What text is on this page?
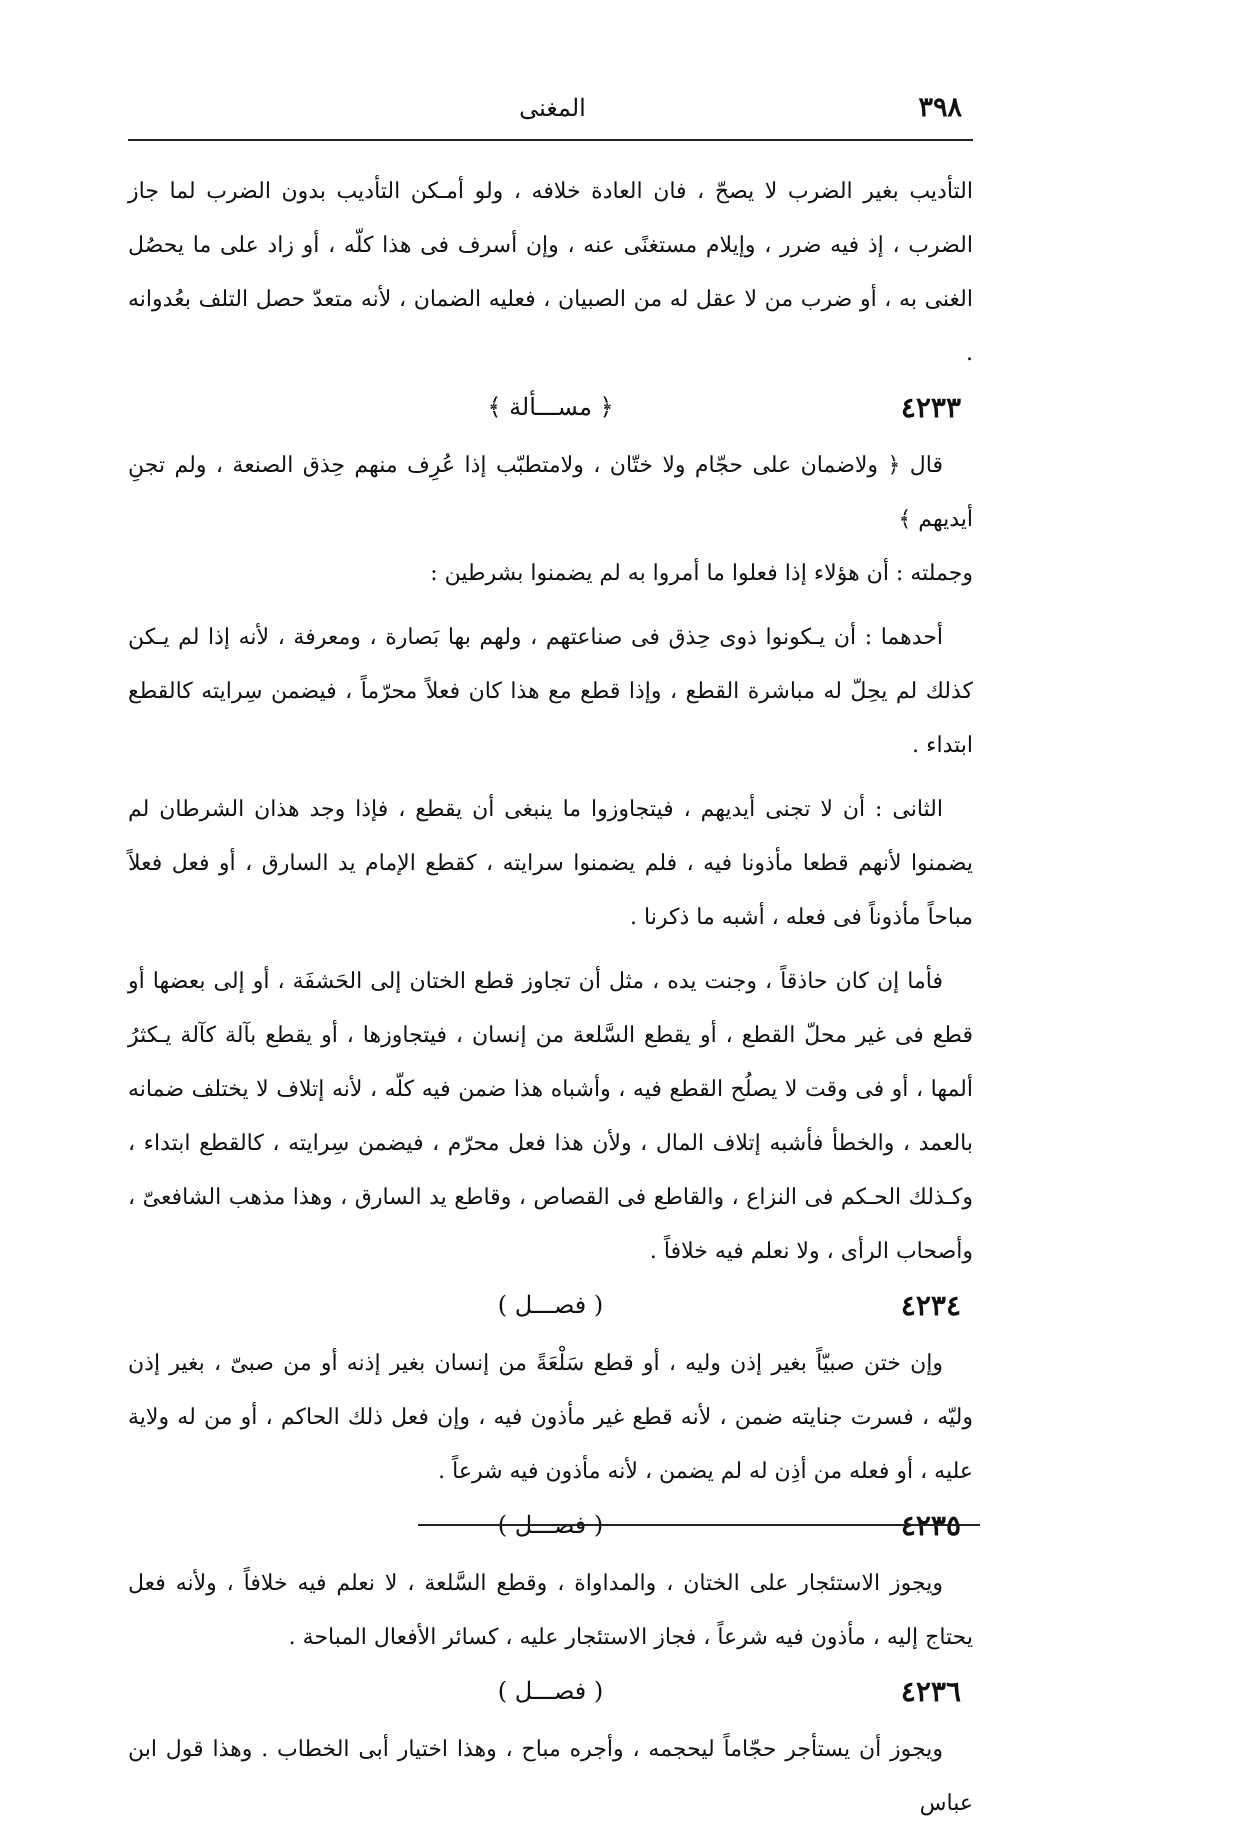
٣٩٨
المغنى

التأديب بغير الضرب لا يصحّ ، فان العادة خلافه ، ولو أمـكن التأديب بدون الضرب لما جاز الضرب ، إذ فيه ضرر ، وإيلام مستغنًى عنه ، وإن أسرف فى هذا كلّه ، أو زاد على ما يحصُل الغنى به ، أو ضرب من لا عقل له من الصبيان ، فعليه الضمان ، لأنه متعدّ حصل التلف بعُدوانه .

٤٢٣٣
﴿ مســـألة ﴾

قال ﴿ ولاضمان على حجّام ولا ختّان ، ولامتطبّب إذا عُرِف منهم حِذق الصنعة ، ولم تجنِ أيديهم ﴾

وجملته : أن هؤلاء إذا فعلوا ما أمروا به لم يضمنوا بشرطين :

أحدهما : أن يـكونوا ذوى حِذق فى صناعتهم ، ولهم بها بَصارة ، ومعرفة ، لأنه إذا لم يـكن كذلك لم يحِلّ له مباشرة القطع ، وإذا قطع مع هذا كان فعلاً محرّماً ، فيضمن سِرايته كالقطع ابتداء .

الثانى : أن لا تجنى أيديهم ، فيتجاوزوا ما ينبغى أن يقطع ، فإذا وجد هذان الشرطان لم يضمنوا لأنهم قطعا مأذونا فيه ، فلم يضمنوا سرايته ، كقطع الإمام يد السارق ، أو فعل فعلاً مباحاً مأذوناً فى فعله ، أشبه ما ذكرنا .

فأما إن كان حاذقاً ، وجنت يده ، مثل أن تجاوز قطع الختان إلى الحَشفَة ، أو إلى بعضها أو قطع فى غير محلّ القطع ، أو يقطع السَّلعة من إنسان ، فيتجاوزها ، أو يقطع بآلة كآلة يـكثرُ ألمها ، أو فى وقت لا يصلُح القطع فيه ، وأشباه هذا ضمن فيه كلّه ، لأنه إتلاف لا يختلف ضمانه بالعمد ، والخطأ فأشبه إتلاف المال ، ولأن هذا فعل محرّم ، فيضمن سِرايته ، كالقطع ابتداء ، وكـذلك الحـكم فى النزاع ، والقاطع فى القصاص ، وقاطع يد السارق ، وهذا مذهب الشافعىّ ، وأصحاب الرأى ، ولا نعلم فيه خلافاً .

٤٢٣٤
( فصـــل )

وإن ختن صبيّاً بغير إذن وليه ، أو قطع سَلْعَةً من إنسان بغير إذنه أو من صبىّ ، بغير إذن وليّه ، فسرت جنايته ضمن ، لأنه قطع غير مأذون فيه ، وإن فعل ذلك الحاكم ، أو من له ولاية عليه ، أو فعله من أذِن له لم يضمن ، لأنه مأذون فيه شرعاً .

٤٢٣٥
( فصـــل )

ويجوز الاستئجار على الختان ، والمداواة ، وقطع السَّلعة ، لا نعلم فيه خلافاً ، ولأنه فعل يحتاج إليه ، مأذون فيه شرعاً ، فجاز الاستئجار عليه ، كسائر الأفعال المباحة .

٤٢٣٦
( فصـــل )

ويجوز أن يستأجر حجّاماً ليحجمه ، وأجره مباح ، وهذا اختيار أبى الخطاب . وهذا قول ابن عباس
